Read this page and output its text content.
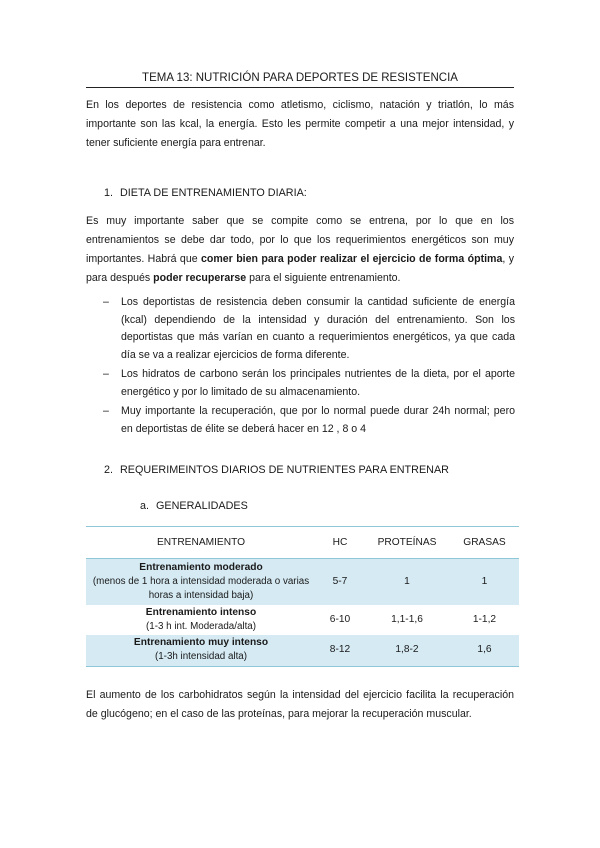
TEMA 13: NUTRICIÓN PARA DEPORTES DE RESISTENCIA
En los deportes de resistencia como atletismo, ciclismo, natación y triatlón, lo más importante son las kcal, la energía. Esto les permite competir a una mejor intensidad, y tener suficiente energía para entrenar.
1. DIETA DE ENTRENAMIENTO DIARIA:
Es muy importante saber que se compite como se entrena, por lo que en los entrenamientos se debe dar todo, por lo que los requerimientos energéticos son muy importantes. Habrá que comer bien para poder realizar el ejercicio de forma óptima, y para después poder recuperarse para el siguiente entrenamiento.
– Los deportistas de resistencia deben consumir la cantidad suficiente de energía (kcal) dependiendo de la intensidad y duración del entrenamiento. Son los deportistas que más varían en cuanto a requerimientos energéticos, ya que cada día se va a realizar ejercicios de forma diferente.
– Los hidratos de carbono serán los principales nutrientes de la dieta, por el aporte energético y por lo limitado de su almacenamiento.
– Muy importante la recuperación, que por lo normal puede durar 24h normal; pero en deportistas de élite se deberá hacer en 12 , 8 o 4
2. REQUERIMEINTOS DIARIOS DE NUTRIENTES PARA ENTRENAR
a. GENERALIDADES
ENTRENAMIENTO	HC	PROTEÍNAS	GRASAS

Entrenamiento moderado
(menos de 1 hora a intensidad moderada o varias horas a intensidad baja)	5-7	1	1

Entrenamiento intenso
(1-3 h int. Moderada/alta)	6-10	1,1-1,6	1-1,2

Entrenamiento muy intenso
(1-3h intensidad alta)	8-12	1,8-2	1,6
El aumento de los carbohidratos según la intensidad del ejercicio facilita la recuperación de glucógeno; en el caso de las proteínas, para mejorar la recuperación muscular.
